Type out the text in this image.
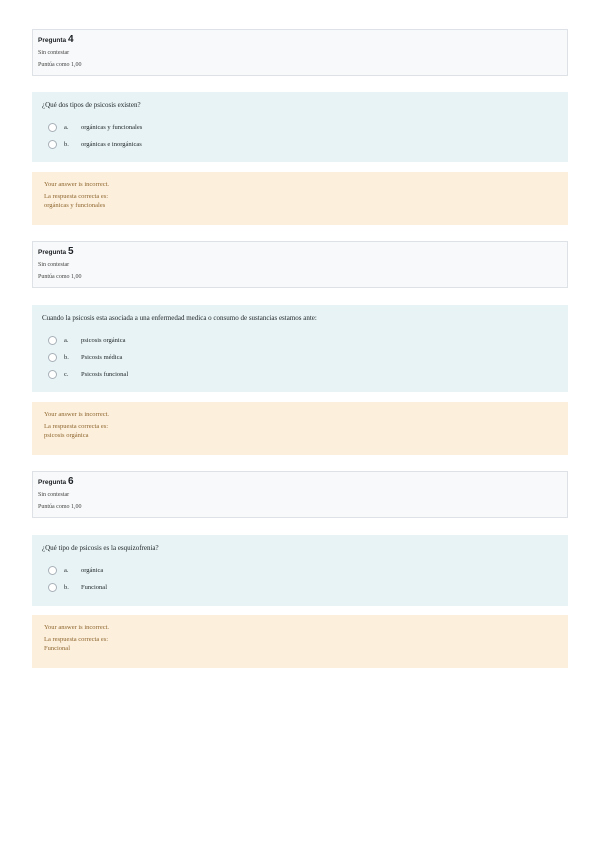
Pregunta 4
Sin contestar
Puntúa como 1,00
¿Qué dos tipos de psicosis existen?
a.	orgánicas y funcionales
b.	orgánicas e inorgánicas
Your answer is incorrect.
La respuesta correcta es:
orgánicas y funcionales
Pregunta 5
Sin contestar
Puntúa como 1,00
Cuando la psicosis esta asociada a una enfermedad medica o consumo de sustancias estamos ante:
a.	psicosis orgánica
b.	Psicosis médica
c.	Psicosis funcional
Your answer is incorrect.
La respuesta correcta es:
psicosis orgánica
Pregunta 6
Sin contestar
Puntúa como 1,00
¿Qué tipo de psicosis es la esquizofrenia?
a.	orgánica
b.	Funcional
Your answer is incorrect.
La respuesta correcta es:
Funcional
